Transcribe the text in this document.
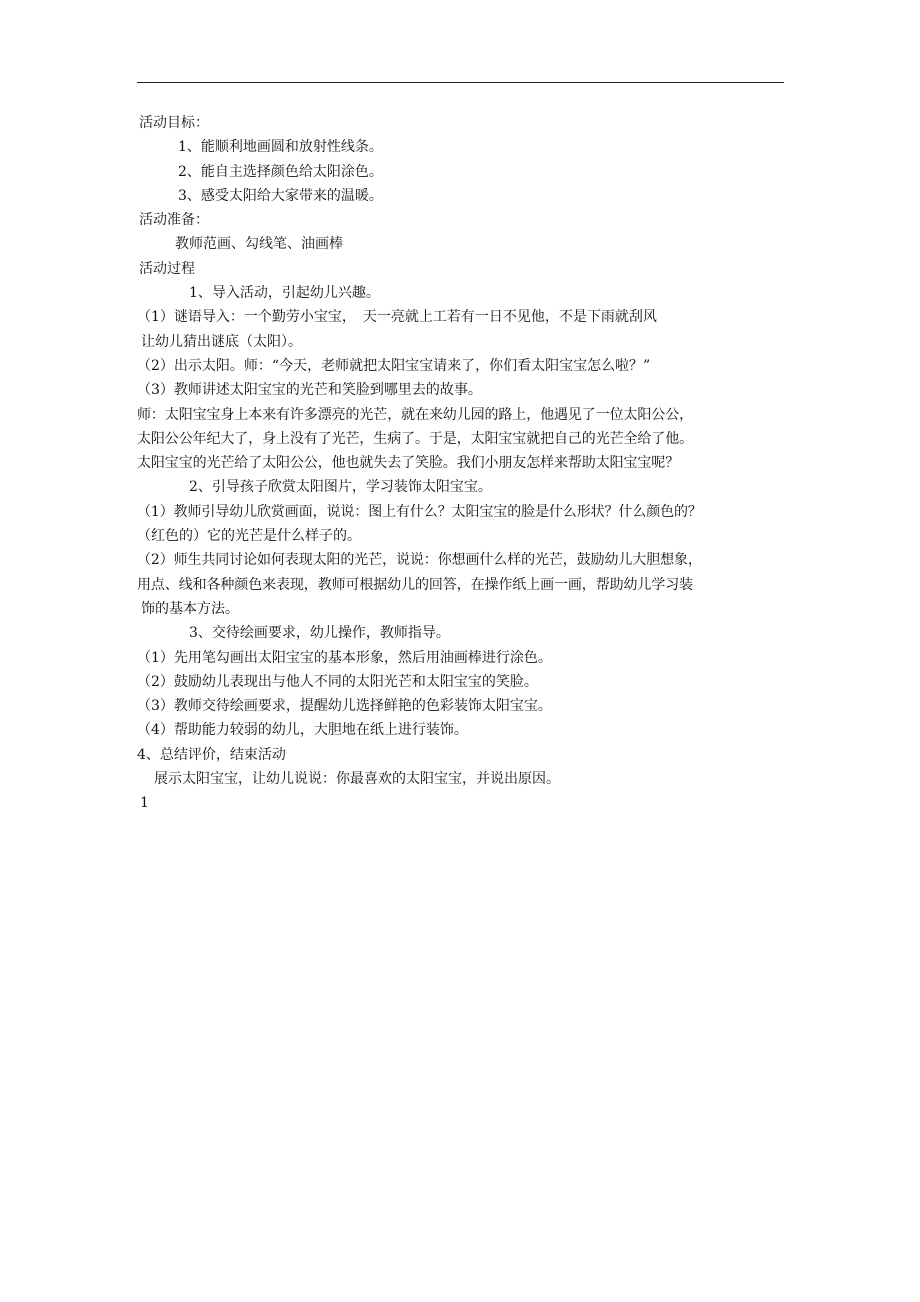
活动目标：
1、能顺利地画圆和放射性线条。
2、能自主选择颜色给太阳涂色。
3、感受太阳给大家带来的温暖。
活动准备：
教师范画、勾线笔、油画棒
活动过程
1、导入活动，引起幼儿兴趣。
（1）谜语导入：一个勤劳小宝宝，　天一亮就上工若有一日不见他，不是下雨就刮风
让幼儿猜出谜底（太阳）。
（2）出示太阳。师：“今天，老师就把太阳宝宝请来了，你们看太阳宝宝怎么啦？”
（3）教师讲述太阳宝宝的光芒和笑脸到哪里去的故事。
师：太阳宝宝身上本来有许多漂亮的光芒，就在来幼儿园的路上，他遇见了一位太阳公公，
太阳公公年纪大了，身上没有了光芒，生病了。于是，太阳宝宝就把自己的光芒全给了他。
太阳宝宝的光芒给了太阳公公，他也就失去了笑脸。我们小朋友怎样来帮助太阳宝宝呢？
2、引导孩子欣赏太阳图片，学习装饰太阳宝宝。
（1）教师引导幼儿欣赏画面，说说：图上有什么？太阳宝宝的脸是什么形状？什么颜色的？
（红色的）它的光芒是什么样子的。
（2）师生共同讨论如何表现太阳的光芒，说说：你想画什么样的光芒，鼓励幼儿大胆想象，
用点、线和各种颜色来表现，教师可根据幼儿的回答，在操作纸上画一画，帮助幼儿学习装
饰的基本方法。
3、交待绘画要求，幼儿操作，教师指导。
（1）先用笔勾画出太阳宝宝的基本形象，然后用油画棒进行涂色。
（2）鼓励幼儿表现出与他人不同的太阳光芒和太阳宝宝的笑脸。
（3）教师交待绘画要求，提醒幼儿选择鲜艳的色彩装饰太阳宝宝。
（4）帮助能力较弱的幼儿，大胆地在纸上进行装饰。
4、总结评价，结束活动
展示太阳宝宝，让幼儿说说：你最喜欢的太阳宝宝，并说出原因。
1
